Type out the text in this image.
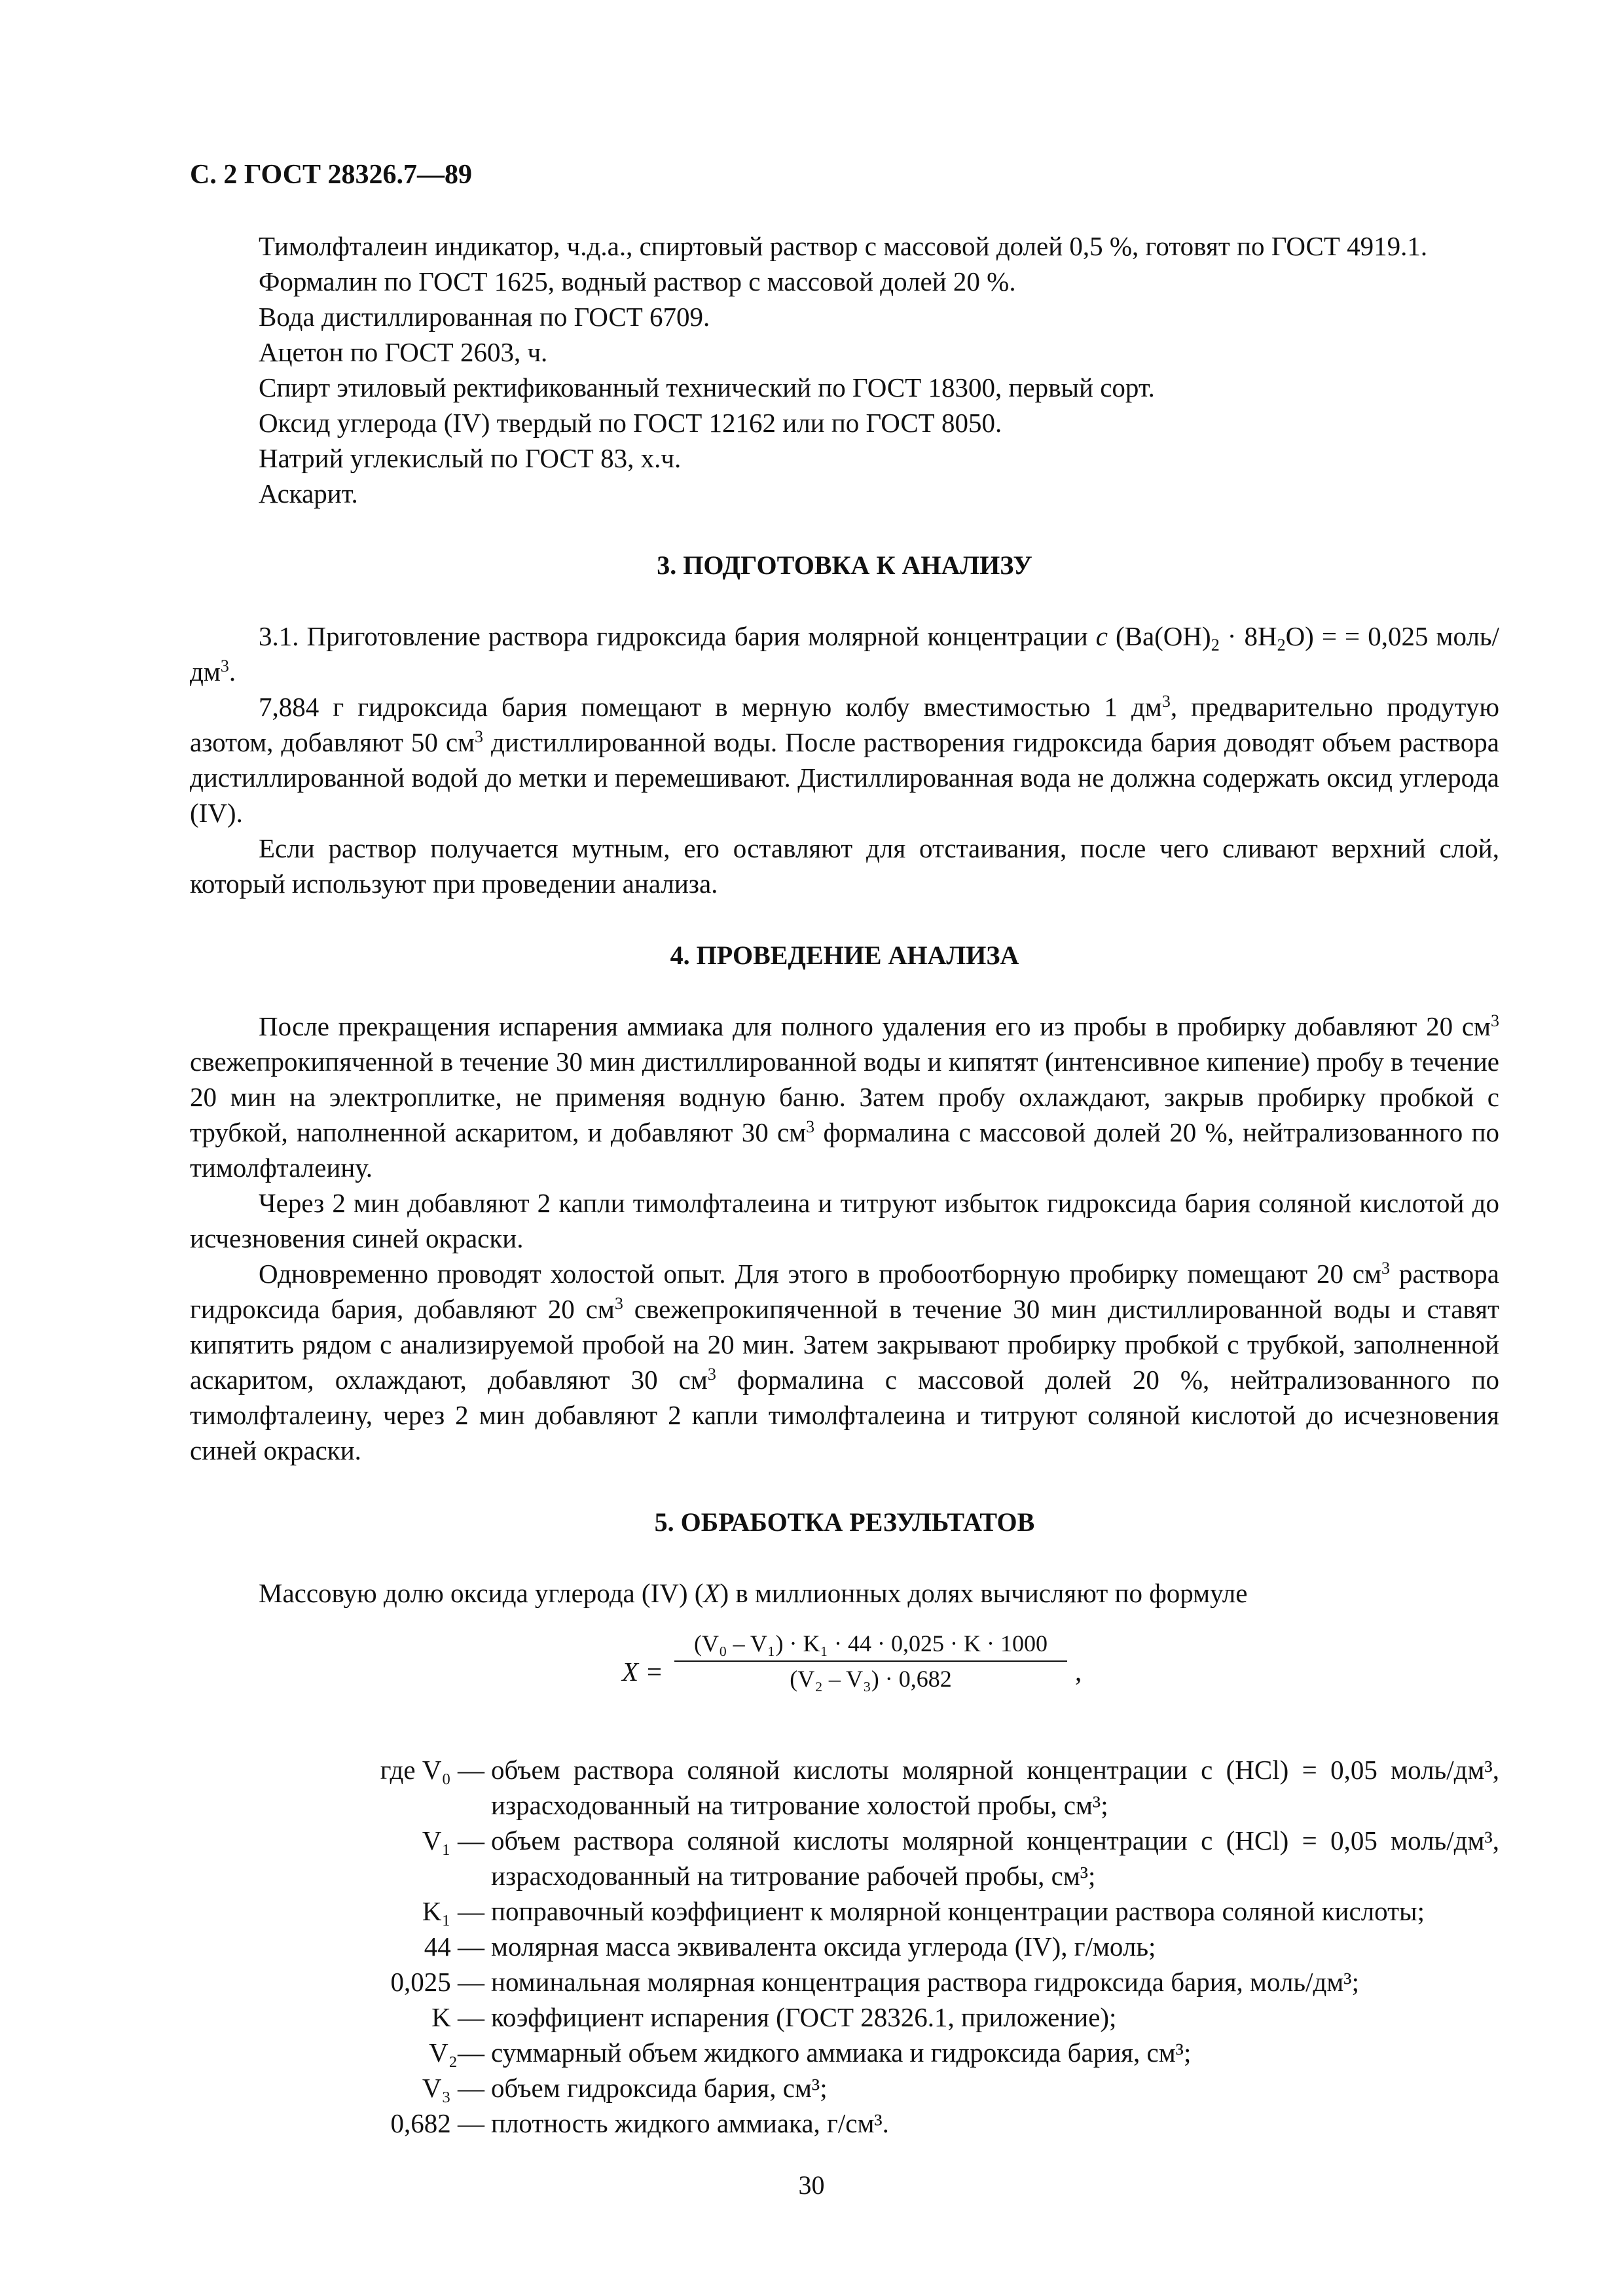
С. 2 ГОСТ 28326.7—89

Тимолфталеин индикатор, ч.д.а., спиртовый раствор с массовой долей 0,5 %, готовят по ГОСТ 4919.1.

Формалин по ГОСТ 1625, водный раствор с массовой долей 20 %.

Вода дистиллированная по ГОСТ 6709.

Ацетон по ГОСТ 2603, ч.

Спирт этиловый ректификованный технический по ГОСТ 18300, первый сорт.

Оксид углерода (IV) твердый по ГОСТ 12162 или по ГОСТ 8050.

Натрий углекислый по ГОСТ 83, х.ч.

Аскарит.

3. ПОДГОТОВКА К АНАЛИЗУ

3.1. Приготовление раствора гидроксида бария молярной концентрации c $(Ba(OH)_2 \cdot 8H_2O)$ = = 0,025 моль/$дм^3$.

7,884 г гидроксида бария помещают в мерную колбу вместимостью 1 $дм^3$, предварительно продутую азотом, добавляют 50 $см^3$ дистиллированной воды. После растворения гидроксида бария доводят объем раствора дистиллированной водой до метки и перемешивают. Дистиллированная вода не должна содержать оксид углерода (IV).

Если раствор получается мутным, его оставляют для отстаивания, после чего сливают верхний слой, который используют при проведении анализа.

4. ПРОВЕДЕНИЕ АНАЛИЗА

После прекращения испарения аммиака для полного удаления его из пробы в пробирку добавляют 20 $см^3$ свежепрокипяченной в течение 30 мин дистиллированной воды и кипятят (интенсивное кипение) пробу в течение 20 мин на электроплитке, не применяя водную баню. Затем пробу охлаждают, закрыв пробирку пробкой с трубкой, наполненной аскаритом, и добавляют 30 $см^3$ формалина с массовой долей 20 %, нейтрализованного по тимолфталеину.

Через 2 мин добавляют 2 капли тимолфталеина и титруют избыток гидроксида бария соляной кислотой до исчезновения синей окраски.

Одновременно проводят холостой опыт. Для этого в пробоотборную пробирку помещают 20 $см^3$ раствора гидроксида бария, добавляют 20 $см^3$ свежепрокипяченной в течение 30 мин дистиллированной воды и ставят кипятить рядом с анализируемой пробой на 20 мин. Затем закрывают пробирку пробкой с трубкой, заполненной аскаритом, охлаждают, добавляют 30 $см^3$ формалина с массовой долей 20 %, нейтрализованного по тимолфталеину, через 2 мин добавляют 2 капли тимолфталеина и титруют соляной кислотой до исчезновения синей окраски.

5. ОБРАБОТКА РЕЗУЛЬТАТОВ

Массовую долю оксида углерода (IV) (X) в миллионных долях вычисляют по формуле

X =
(V₀ – V₁) · K₁ · 44 · 0,025 · K · 1000
(V₂ – V₃) · 0,682	,
где V₀ — объем раствора соляной кислоты молярной концентрации c (HCl) = 0,05 моль/дм³, израсходованный на титрование холостой пробы, см³;
V₁ — объем раствора соляной кислоты молярной концентрации c (HCl) = 0,05 моль/дм³, израсходованный на титрование рабочей пробы, см³;
K₁ — поправочный коэффициент к молярной концентрации раствора соляной кислоты;
44 — молярная масса эквивалента оксида углерода (IV), г/моль;
0,025 — номинальная молярная концентрация раствора гидроксида бария, моль/дм³;
K — коэффициент испарения (ГОСТ 28326.1, приложение);
V₂— суммарный объем жидкого аммиака и гидроксида бария, см³;
V₃ — объем гидроксида бария, см³;
0,682 — плотность жидкого аммиака, г/см³.
30
